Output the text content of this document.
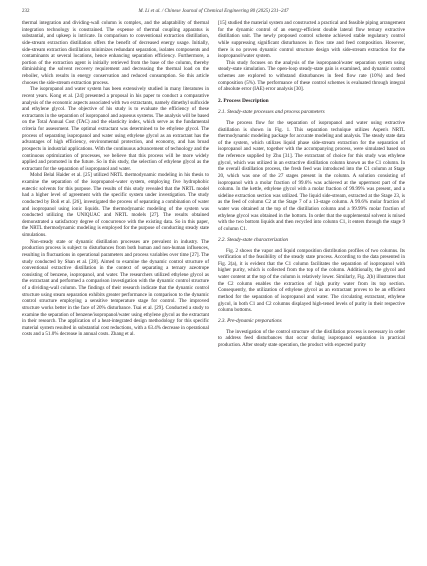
232	M. Li et al. / Chinese Journal of Chemical Engineering 80 (2025) 231–247

thermal integration and dividing-wall column is complex, and the adaptability of thermal integration technology is constrained. The expense of thermal coupling apparatus is substantial, and upkeep is intricate. In comparison to conventional extraction distillation, side-stream extraction distillation offers the benefit of decreased energy usage. Initially, side-stream extraction distillation minimizes redundant separation, isolates components and contaminants at several locations, hence enhancing separation efficiency. Furthermore, a portion of the extraction agent is initially retrieved from the base of the column, thereby diminishing the solvent recovery requirement and decreasing the thermal load on the reboiler, which results in energy conservation and reduced consumption. So this article chooses the side-stream extraction process.

The isopropanol and water system has been extensively studied in many literatures in recent years. Kong et al. [24] presented a proposal in his paper to conduct a comparative analysis of the economic aspects associated with two extractants, namely dimethyl sulfoxide and ethylene glycol. The objective of his study is to evaluate the efficiency of these extractants in the separation of isopropanol and aqueous systems. The analysis will be based on the Total Annual Cost (TAC) and the elasticity index, which serve as the fundamental criteria for assessment. The optimal extractant was determined to be ethylene glycol. The process of separating isopropanol and water using ethylene glycol as an extractant has the advantages of high efficiency, environmental protection, and economy, and has broad prospects in industrial applications. With the continuous advancement of technology and the continuous optimization of processes, we believe that this process will be more widely applied and promoted in the future. So in this study, the selection of ethylene glycol as the extractant for the separation of isopropanol and water.

Mohd Belal Haider et al. [25] utilized NRTL thermodynamic modeling in his thesis to examine the separation of the isopropanol-water system, employing five hydrophobic eutectic solvents for this purpose. The results of this study revealed that the NRTL model had a higher level of agreement with the specific system under investigation. The study conducted by Boli et al. [26], investigated the process of separating a combination of water and isopropanol using ionic liquids. The thermodynamic modeling of the system was conducted utilizing the UNIQUAC and NRTL models [27]. The results obtained demonstrated a satisfactory degree of concurrence with the existing data. So in this paper, the NRTL thermodynamic modeling is employed for the purpose of conducting steady state simulations.

Non-steady state or dynamic distillation processes are prevalent in industry. The production process is subject to disturbances from both human and non-human influences, resulting in fluctuations in operational parameters and process variables over time [27]. The study conducted by Shan et al. [28]. Aimed to examine the dynamic control structure of conventional extractive distillation in the context of separating a ternary azeotrope consisting of benzene, isopropanol, and water. The researchers utilized ethylene glycol as the extractant and performed a comparison investigation with the dynamic control structure of a dividing-wall column. The findings of their research indicate that the dynamic control structure using steam separation exhibits greater performance in comparison to the dynamic control structure employing a sensitive temperature stage for control. The improved structure works better in the face of 20% disturbance. Tsai et al. [29]. Conducted a study to examine the separation of benzene/isopropanol/water using ethylene glycol as the extractant in their research. The application of a heat-integrated design methodology for this specific material system resulted in substantial cost reductions, with a 63.4% decrease in operational costs and a 51.0% decrease in annual costs. Zhang et al.

[15] studied the material system and constructed a practical and feasible piping arrangement for the dynamic control of an energy-efficient double lateral flow ternary extractive distillation unit. The newly proposed control scheme achieved stable regulatory control while suppressing significant disturbances in flow rate and feed composition. However, there is no proven dynamic control structure design with side-stream extraction for the isopropanol/water system.

This study focuses on the analysis of the isopropanol/water separation system using steady-state simulation. The open-loop steady-state gain is examined, and dynamic control schemes are explored to withstand disturbances in feed flow rate (10%) and feed composition (5%). The performance of these control schemes is evaluated through integral of absolute error (IAE) error analysis [30].

2. Process Description
2.1. Steady-state processes and process parameters

The process flow for the separation of isopropanol and water using extractive distillation is shown in Fig. 1. This separation technique utilizes Aspen's NRTL thermodynamic modeling package for accurate modeling and analysis. The steady state data of the system, which utilizes liquid phase side-stream extraction for the separation of isopropanol and water, together with the accompanying process, were simulated based on the reference supplied by Zhu [31]. The extractant of choice for this study was ethylene glycol, which was utilized in an extractive distillation column known as the C1 column. In the overall distillation process, the fresh feed was introduced into the C1 column at Stage 20, which was one of the 27 stages present in the column. A solution consisting of isopropanol with a molar fraction of 99.6% was achieved at the uppermost part of the column. In the kettle, ethylene glycol with a molar fraction of 99.99% was present, and a sideline extraction section was utilized. The liquid side-stream, extracted at the Stage 23, is as the feed of column C2 at the Stage 7 of a 13-stage column. A 99.6% molar fraction of water was obtained at the top of the distillation column and a 99.99% molar fraction of ethylene glycol was obtained in the bottom. In order that the supplemental solvent is mixed with the two bottom liquids and then recycled into column C1, it enters through the stage 9 of column C1.

2.2. Steady-state characterization

Fig. 2 shows the vapor and liquid composition distribution profiles of two columns. Its verification of the feasibility of the steady state process. According to the data presented in Fig. 2(a), it is evident that the C1 column facilitates the separation of isopropanol with higher purity, which is collected from the top of the column. Additionally, the glycol and water content at the top of the column is relatively lower. Similarly, Fig. 2(b) illustrates that the C2 column enables the extraction of high purity water from its top section. Consequently, the utilization of ethylene glycol as an extractant proves to be an efficient method for the separation of isopropanol and water. The circulating extractant, ethylene glycol, in both C1 and C2 columns displayed high-tened levels of purity in their respective column bottoms.

2.3. Pre-dynamic preparations

The investigation of the control structure of the distillation process is necessary in order to address feed disturbances that occur during isopropanol separation in practical production. After steady state operation, the product with expected purity
